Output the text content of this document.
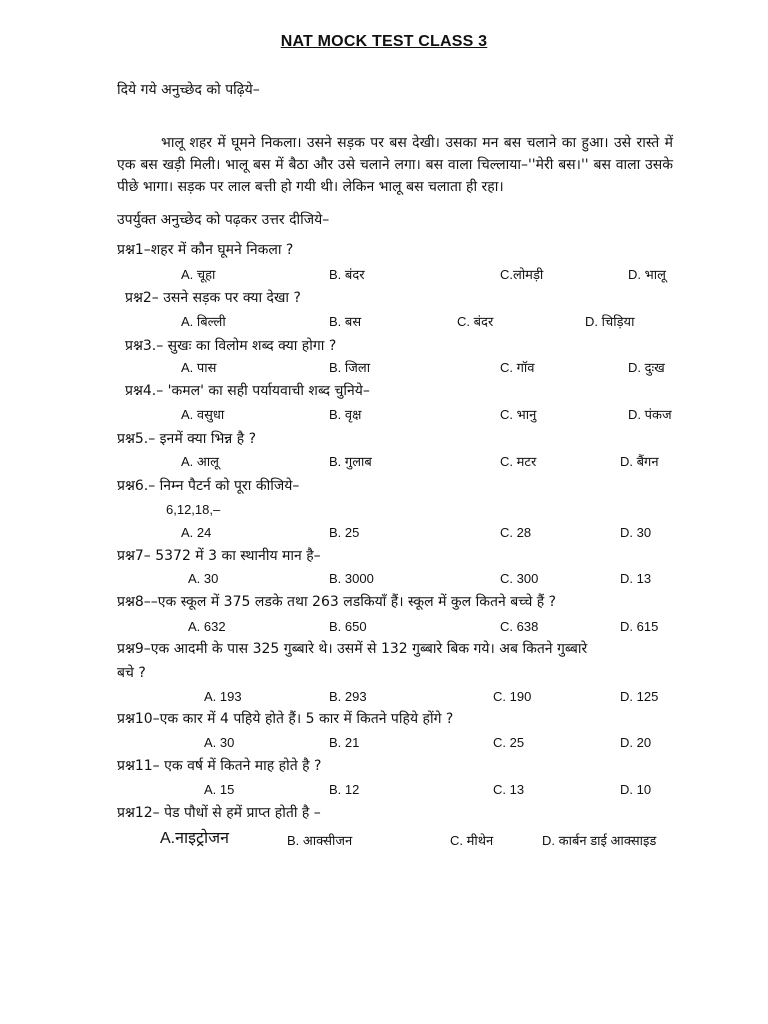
NAT MOCK TEST CLASS 3
दिये गये अनुच्छेद को पढ़िये–
भालू शहर में घूमने निकला। उसने सड़क पर बस देखी। उसका मन बस चलाने का हुआ। उसे रास्ते में एक बस खड़ी मिली। भालू बस में बैठा और उसे चलाने लगा। बस वाला चिल्लाया–''मेरी बस।'' बस वाला उसके पीछे भागा। सड़क पर लाल बत्ती हो गयी थी। लेकिन भालू बस चलाता ही रहा।
उपर्युक्त अनुच्छेद को पढ़कर उत्तर दीजिये–
प्रश्न1–शहर में कौन घूमने निकला ?
A. चूहा	B. बंदर	C.लोमड़ी	D. भालू
प्रश्न2– उसने सड़क पर क्या देखा ?
A. बिल्ली	B. बस	C. बंदर	D. चिड़िया
प्रश्न3.– सुखः का विलोम शब्द क्या होगा ?
A. पास	B. जिला	C. गॉव	D. दुःख
प्रश्न4.– 'कमल' का सही पर्यायवाची शब्द चुनिये–
A. वसुधा	B. वृक्ष	C. भानु	D. पंकज
प्रश्न5.– इनमें क्या भिन्न है ?
A. आलू	B. गुलाब	C. मटर	D. बैंगन
प्रश्न6.– निम्न पैटर्न को पूरा कीजिये–
6,12,18,–
A. 24	B. 25	C. 28	D. 30
प्रश्न7– 5372 में 3 का स्थानीय मान है–
A. 30	B. 3000	C. 300	D. 13
प्रश्न8––एक स्कूल में 375 लडके तथा 263 लडकियॉं हैं। स्कूल में कुल कितने बच्चे हैं ?
A. 632	B. 650	C. 638	D. 615
प्रश्न9–एक आदमी के पास 325 गुब्बारे थे। उसमें से 132 गुब्बारे बिक गये। अब कितने गुब्बारे
बचे ?
A. 193	B. 293	C. 190	D. 125
प्रश्न10–एक कार में 4 पहिये होते हैं। 5 कार में कितने पहिये होंगे ?
A. 30	B. 21	C. 25	D. 20
प्रश्न11– एक वर्ष में कितने माह होते है ?
A. 15	B. 12	C. 13	D. 10
प्रश्न12– पेड पौधों से हमें प्राप्त होती है –
A.नाइट्रोजन	B. आक्सीजन	C. मीथेन	D. कार्बन डाई आक्साइड
